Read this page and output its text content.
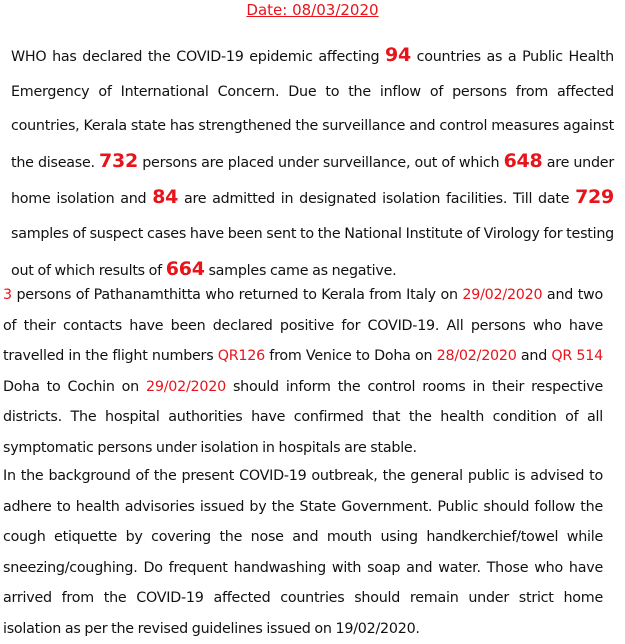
Date: 08/03/2020

WHO has declared the COVID-19 epidemic affecting 94 countries as a Public Health Emergency of International Concern. Due to the inflow of persons from affected countries, Kerala state has strengthened the surveillance and control measures against the disease. 732 persons are placed under surveillance, out of which 648 are under home isolation and 84 are admitted in designated isolation facilities. Till date 729 samples of suspect cases have been sent to the National Institute of Virology for testing out of which results of 664 samples came as negative.

3 persons of Pathanamthitta who returned to Kerala from Italy on 29/02/2020 and two of their contacts have been declared positive for COVID-19. All persons who have travelled in the flight numbers QR126 from Venice to Doha on 28/02/2020 and QR 514 Doha to Cochin on 29/02/2020 should inform the control rooms in their respective districts. The hospital authorities have confirmed that the health condition of all symptomatic persons under isolation in hospitals are stable.

In the background of the present COVID-19 outbreak, the general public is advised to adhere to health advisories issued by the State Government. Public should follow the cough etiquette by covering the nose and mouth using handkerchief/towel while sneezing/coughing. Do frequent handwashing with soap and water. Those who have arrived from the COVID-19 affected countries should remain under strict home isolation as per the revised guidelines issued on 19/02/2020.
